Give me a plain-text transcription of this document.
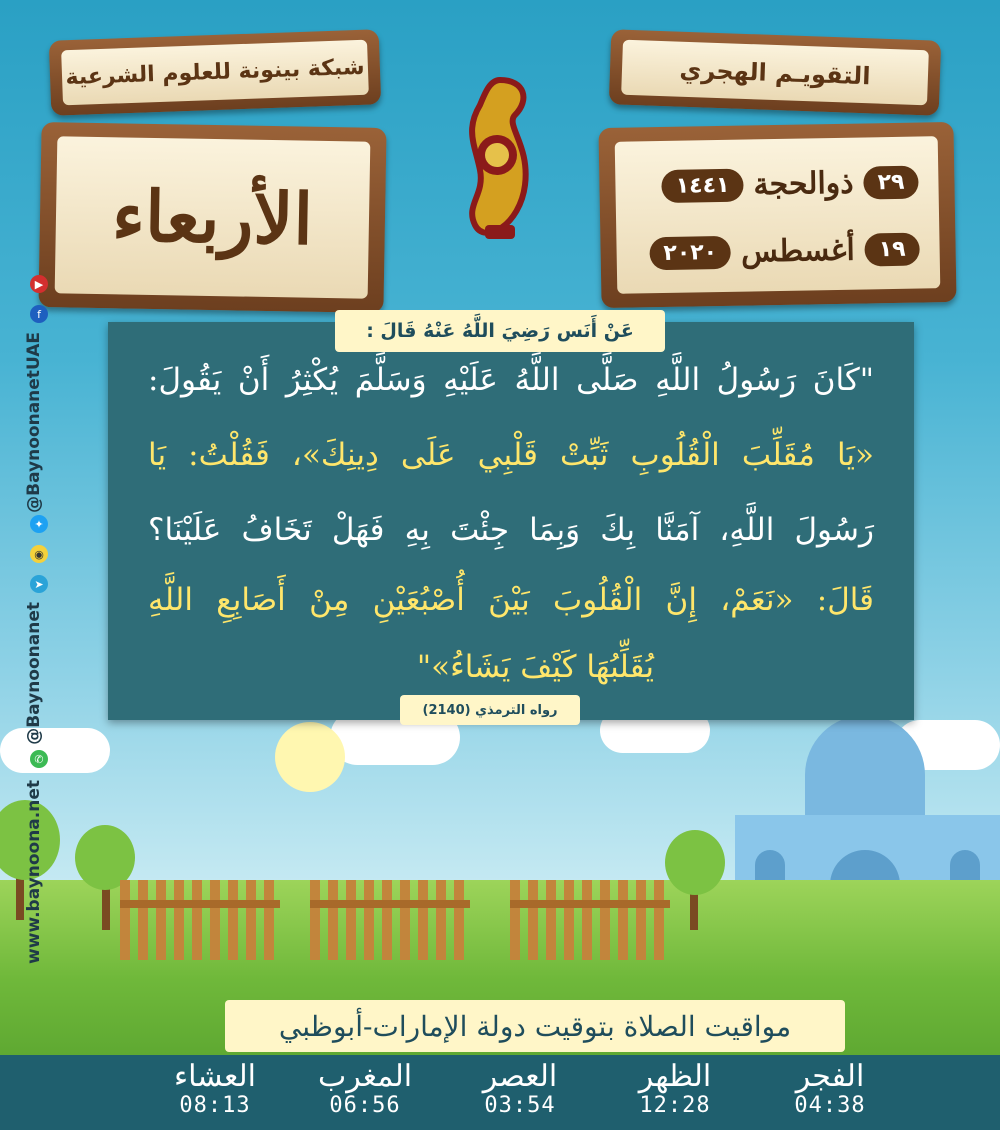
شبكة بينونة للعلوم الشرعية	التقويـم الهجري
الأربعاء	٢٩
ذوالحجة
١٤٤١
١٩
أغسطس
٢٠٢٠
▶
f
@BaynoonanetUAE
✦
◉
➤
@Baynoonanet
✆
www.baynoona.net
"كَانَ رَسُولُ اللَّهِ صَلَّى اللَّهُ عَلَيْهِ وَسَلَّمَ يُكْثِرُ أَنْ يَقُولَ:
«يَا مُقَلِّبَ الْقُلُوبِ ثَبِّتْ قَلْبِي عَلَى دِينِكَ»، فَقُلْتُ: يَا
رَسُولَ اللَّهِ، آمَنَّا بِكَ وَبِمَا جِئْتَ بِهِ فَهَلْ تَخَافُ عَلَيْنَا؟
قَالَ: «نَعَمْ، إِنَّ الْقُلُوبَ بَيْنَ أُصْبُعَيْنِ مِنْ أَصَابِعِ اللَّهِ
يُقَلِّبُهَا كَيْفَ يَشَاءُ»"
عَنْ أَنَس رَضِيَ اللَّهُ عَنْهُ قَالَ :
رواه الترمذي (2140)
مواقيت الصلاة بتوقيت دولة الإمارات-أبوظبي
الفجر
04:38
الظهر
12:28
العصر
03:54
المغرب
06:56
العشاء
08:13
